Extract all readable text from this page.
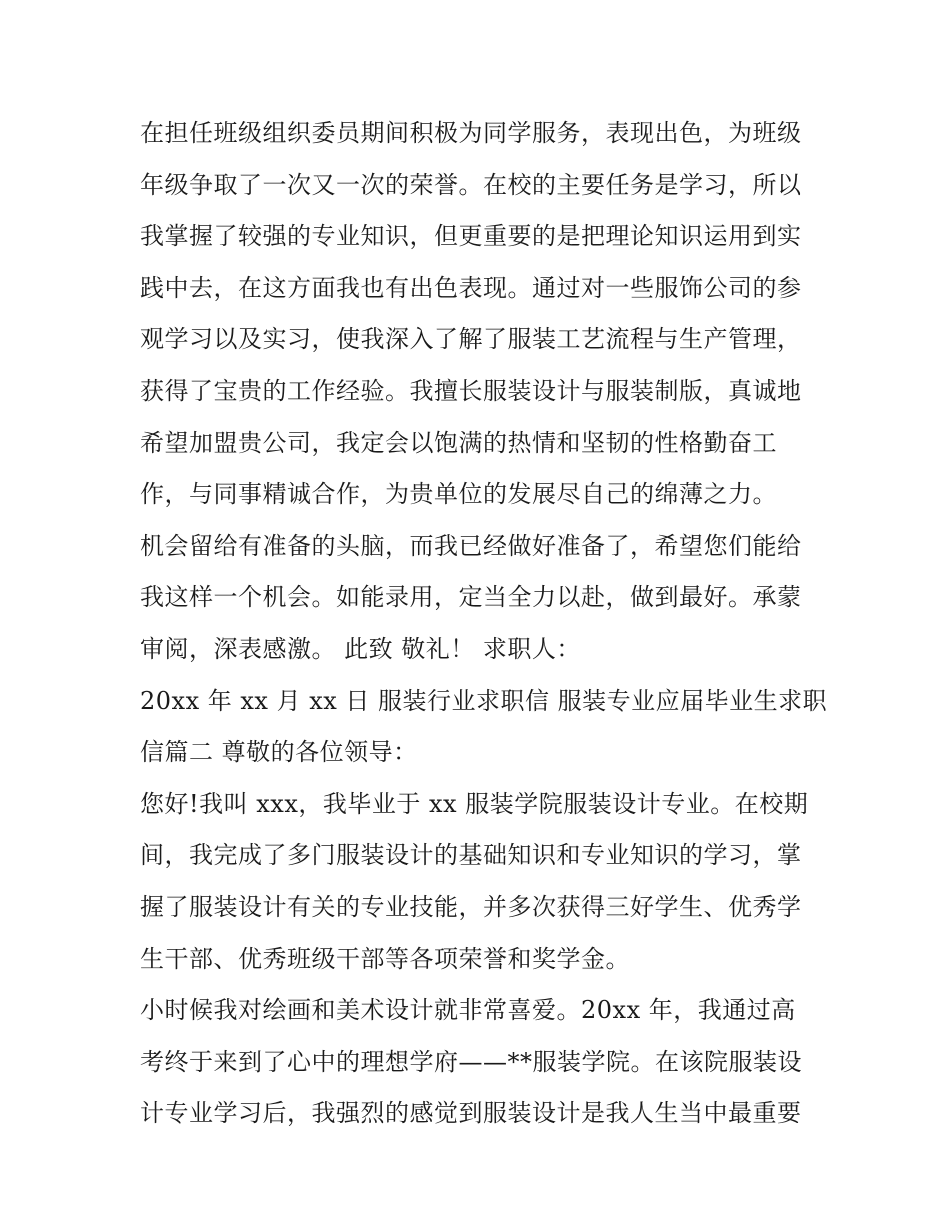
在担任班级组织委员期间积极为同学服务，表现出色，为班级
年级争取了一次又一次的荣誉。在校的主要任务是学习，所以
我掌握了较强的专业知识，但更重要的是把理论知识运用到实
践中去，在这方面我也有出色表现。通过对一些服饰公司的参
观学习以及实习，使我深入了解了服装工艺流程与生产管理，
获得了宝贵的工作经验。我擅长服装设计与服装制版，真诚地
希望加盟贵公司，我定会以饱满的热情和坚韧的性格勤奋工
作，与同事精诚合作，为贵单位的发展尽自己的绵薄之力。
机会留给有准备的头脑，而我已经做好准备了，希望您们能给
我这样一个机会。如能录用，定当全力以赴，做到最好。承蒙
审阅，深表感激。 此致 敬礼！ 求职人：
20xx 年 xx 月 xx 日 服装行业求职信 服装专业应届毕业生求职
信篇二 尊敬的各位领导：
您好!我叫 xxx，我毕业于 xx 服装学院服装设计专业。在校期
间，我完成了多门服装设计的基础知识和专业知识的学习，掌
握了服装设计有关的专业技能，并多次获得三好学生、优秀学
生干部、优秀班级干部等各项荣誉和奖学金。
小时候我对绘画和美术设计就非常喜爱。20xx 年，我通过高
考终于来到了心中的理想学府——**服装学院。在该院服装设
计专业学习后，我强烈的感觉到服装设计是我人生当中最重要
